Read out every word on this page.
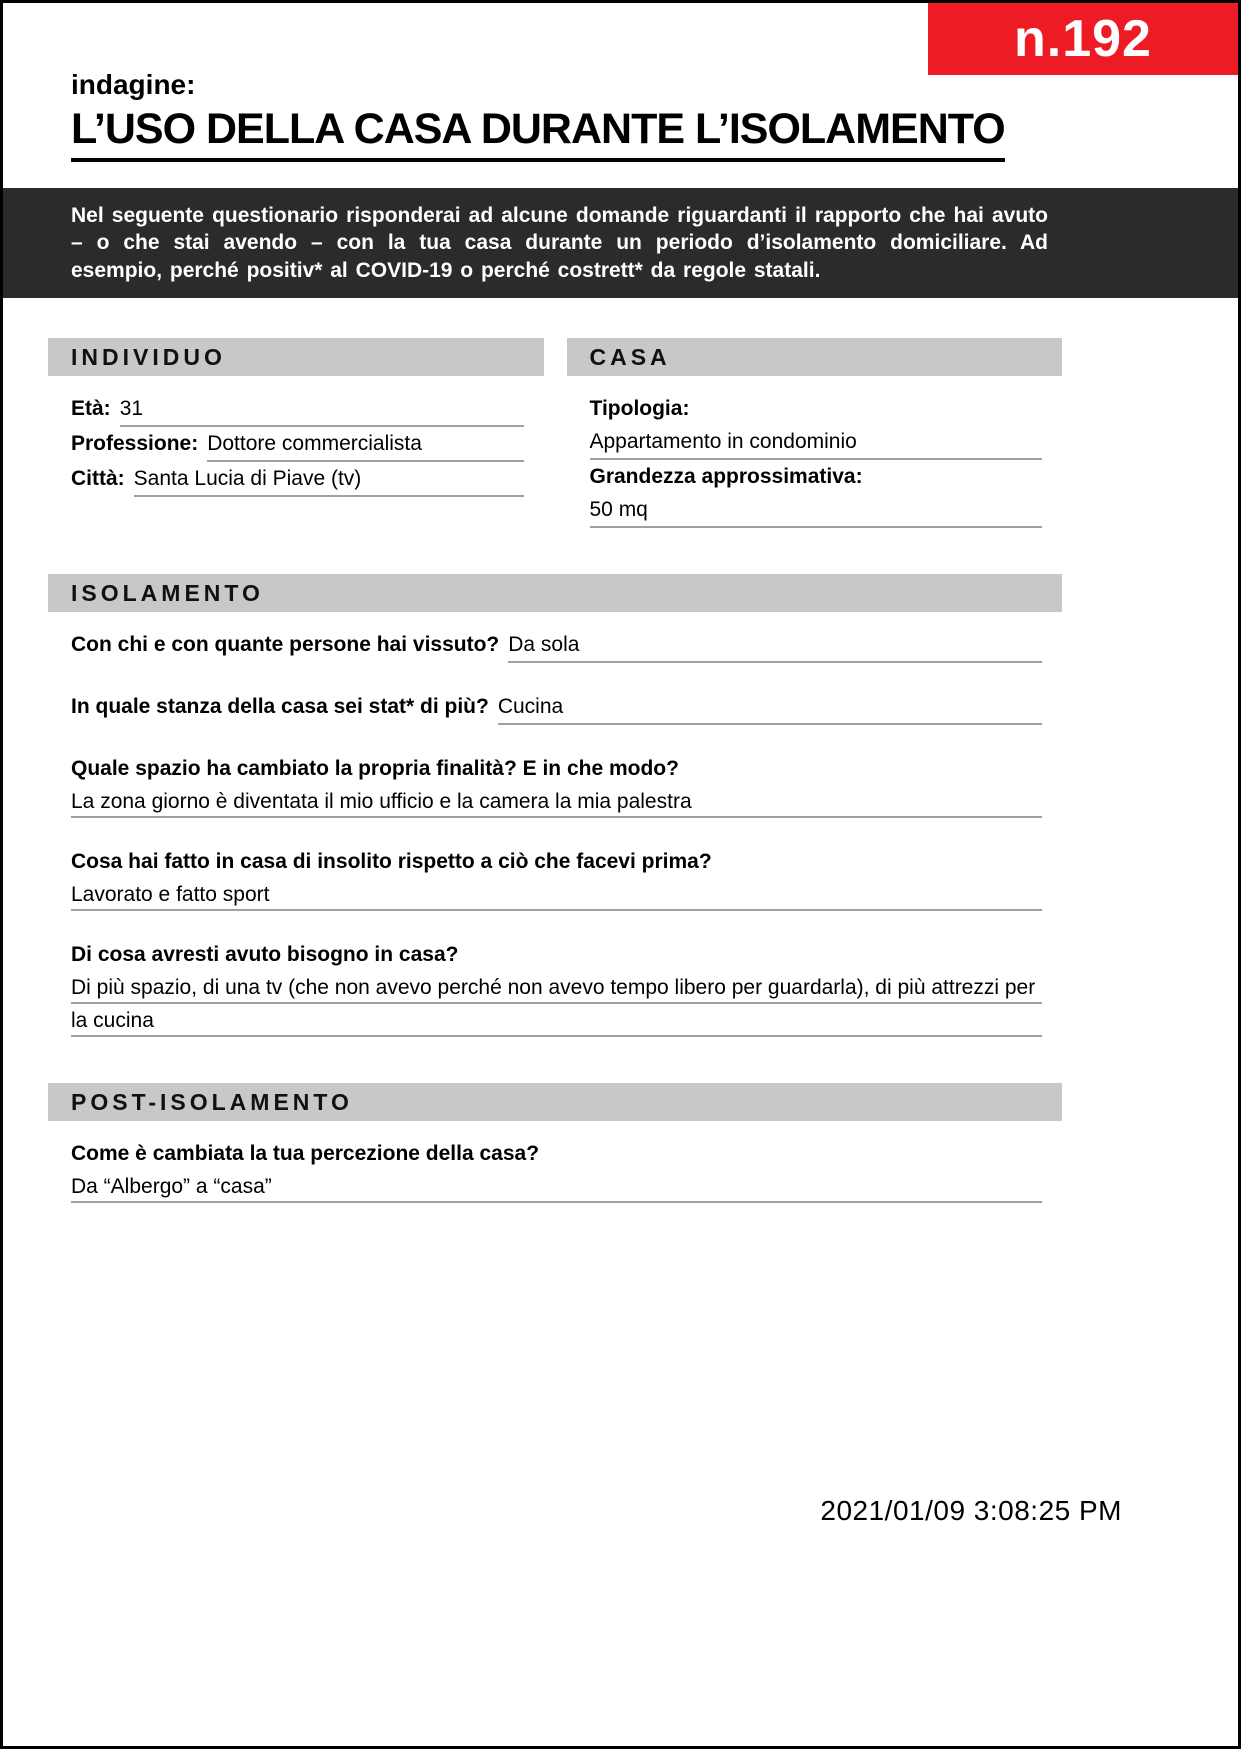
n.192
indagine:
L’USO DELLA CASA DURANTE L’ISOLAMENTO

Nel seguente questionario risponderai ad alcune domande riguardanti il rapporto che hai avuto – o che stai avendo – con la tua casa durante un periodo d’isolamento domiciliare. Ad esempio, perché positiv* al COVID-19 o perché costrett* da regole statali.

INDIVIDUO
Età: 31
Professione: Dottore commercialista
Città: Santa Lucia di Piave (tv)
CASA
Tipologia:
Appartamento in condominio
Grandezza approssimativa:
50 mq
ISOLAMENTO
Con chi e con quante persone hai vissuto? Da sola
In quale stanza della casa sei stat* di più? Cucina
Quale spazio ha cambiato la propria finalità? E in che modo?
La zona giorno è diventata il mio ufficio e la camera la mia palestra
Cosa hai fatto in casa di insolito rispetto a ciò che facevi prima?
Lavorato e fatto sport
Di cosa avresti avuto bisogno in casa?
Di più spazio, di una tv (che non avevo perché non avevo tempo libero per guardarla), di più attrezzi per la cucina
POST-ISOLAMENTO
Come è cambiata la tua percezione della casa?
Da “Albergo” a “casa”
2021/01/09 3:08:25 PM
